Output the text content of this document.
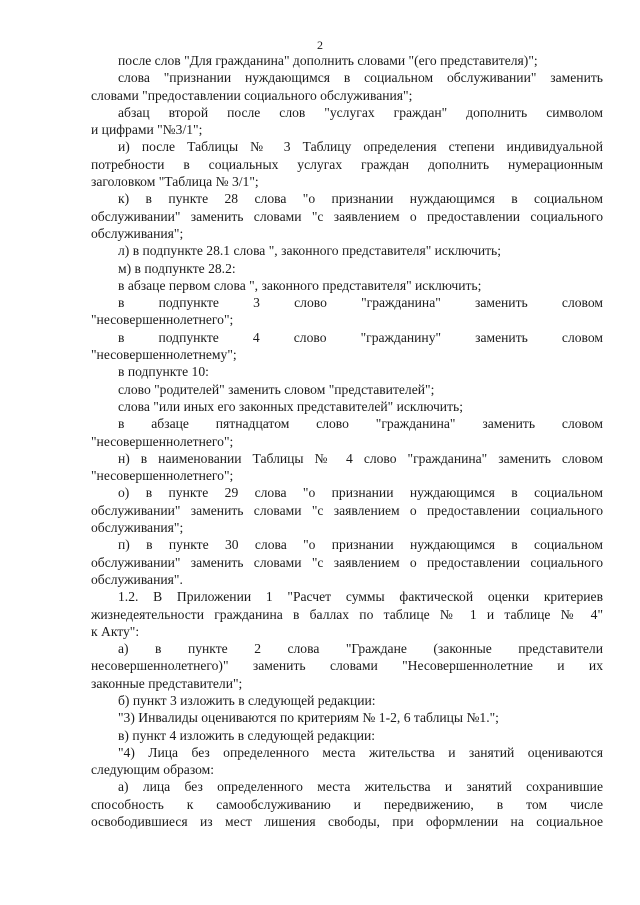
2
после слов "Для гражданина" дополнить словами "(его представителя)";
слова "признании нуждающимся в социальном обслуживании" заменить
словами "предоставлении социального обслуживания";
абзац второй после слов "услугах граждан" дополнить символом
и цифрами "№3/1";
и) после Таблицы № 3 Таблицу определения степени индивидуальной
потребности в социальных услугах граждан дополнить нумерационным
заголовком "Таблица № 3/1";
к) в пункте 28 слова "о признании нуждающимся в социальном
обслуживании" заменить словами "с заявлением о предоставлении социального
обслуживания";
л) в подпункте 28.1 слова ", законного представителя" исключить;
м) в подпункте 28.2:
в абзаце первом слова ", законного представителя" исключить;
в подпункте 3 слово "гражданина" заменить словом
"несовершеннолетнего";
в подпункте 4 слово "гражданину" заменить словом
"несовершеннолетнему";
в подпункте 10:
слово "родителей" заменить словом "представителей";
слова "или иных его законных представителей" исключить;
в абзаце пятнадцатом слово "гражданина" заменить словом
"несовершеннолетнего";
н) в наименовании Таблицы № 4 слово "гражданина" заменить словом
"несовершеннолетнего";
о) в пункте 29 слова "о признании нуждающимся в социальном
обслуживании" заменить словами "с заявлением о предоставлении социального
обслуживания";
п) в пункте 30 слова "о признании нуждающимся в социальном
обслуживании" заменить словами "с заявлением о предоставлении социального
обслуживания".
1.2. В Приложении 1 "Расчет суммы фактической оценки критериев
жизнедеятельности гражданина в баллах по таблице № 1 и таблице № 4"
к Акту":
а) в пункте 2 слова "Граждане (законные представители
несовершеннолетнего)" заменить словами "Несовершеннолетние и их
законные представители";
б) пункт 3 изложить в следующей редакции:
"3) Инвалиды оцениваются по критериям № 1-2, 6 таблицы №1.";
в) пункт 4 изложить в следующей редакции:
"4) Лица без определенного места жительства и занятий оцениваются
следующим образом:
а) лица без определенного места жительства и занятий сохранившие
способность к самообслуживанию и передвижению, в том числе
освободившиеся из мест лишения свободы, при оформлении на социальное
